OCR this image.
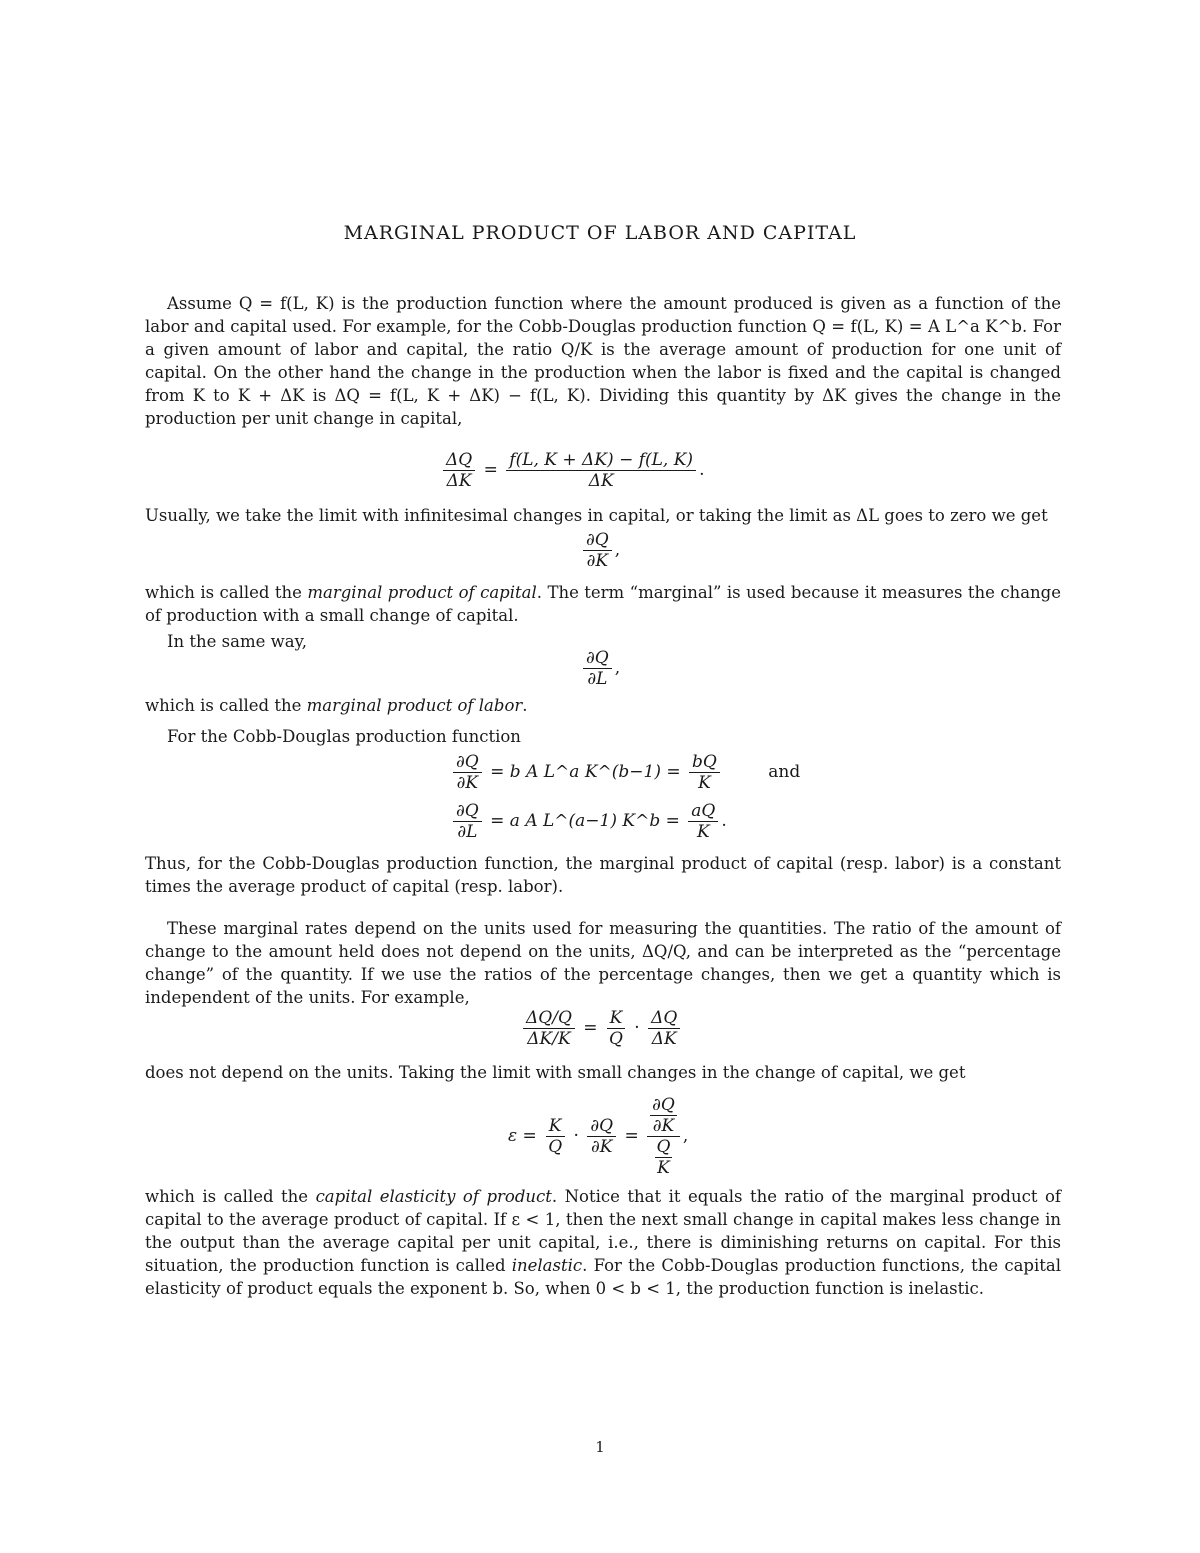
MARGINAL PRODUCT OF LABOR AND CAPITAL
Assume Q = f(L, K) is the production function where the amount produced is given as a function of the labor and capital used. For example, for the Cobb-Douglas production function Q = f(L, K) = A L^a K^b. For a given amount of labor and capital, the ratio Q/K is the average amount of production for one unit of capital. On the other hand the change in the production when the labor is fixed and the capital is changed from K to K + ΔK is ΔQ = f(L, K + ΔK) − f(L, K). Dividing this quantity by ΔK gives the change in the production per unit change in capital,
$\frac{\Delta Q}{\Delta K} = \frac{f(L, K + \Delta K) - f(L, K)}{\Delta K}$ .
Usually, we take the limit with infinitesimal changes in capital, or taking the limit as ΔL goes to zero we get
$\frac{\partial Q}{\partial K}$ ,
which is called the marginal product of capital. The term “marginal” is used because it measures the change of production with a small change of capital.
In the same way,
$\frac{\partial Q}{\partial L}$ ,
which is called the marginal product of labor.
For the Cobb-Douglas production function
$\frac{\partial Q}{\partial K} = b$ A L^a K^(b−1) = $\frac{bQ}{K}$	and
$\frac{\partial Q}{\partial L} = a$ A L^(a−1) K^b = $\frac{aQ}{K}$ .
Thus, for the Cobb-Douglas production function, the marginal product of capital (resp. labor) is a constant times the average product of capital (resp. labor).
These marginal rates depend on the units used for measuring the quantities. The ratio of the amount of change to the amount held does not depend on the units, ΔQ/Q, and can be interpreted as the “percentage change” of the quantity. If we use the ratios of the percentage changes, then we get a quantity which is independent of the units. For example,
$\frac{\Delta Q/Q}{\Delta K/K} = \frac{K}{Q} \cdot \frac{\Delta Q}{\Delta K}$
does not depend on the units. Taking the limit with small changes in the change of capital, we get
$\varepsilon = \frac{K}{Q} \cdot \frac{\partial Q}{\partial K} = \partial Q$
∂K
Q
K ,
which is called the capital elasticity of product. Notice that it equals the ratio of the marginal product of capital to the average product of capital. If ε < 1, then the next small change in capital makes less change in the output than the average capital per unit capital, i.e., there is diminishing returns on capital. For this situation, the production function is called inelastic. For the Cobb-Douglas production functions, the capital elasticity of product equals the exponent b. So, when 0 < b < 1, the production function is inelastic.
1
